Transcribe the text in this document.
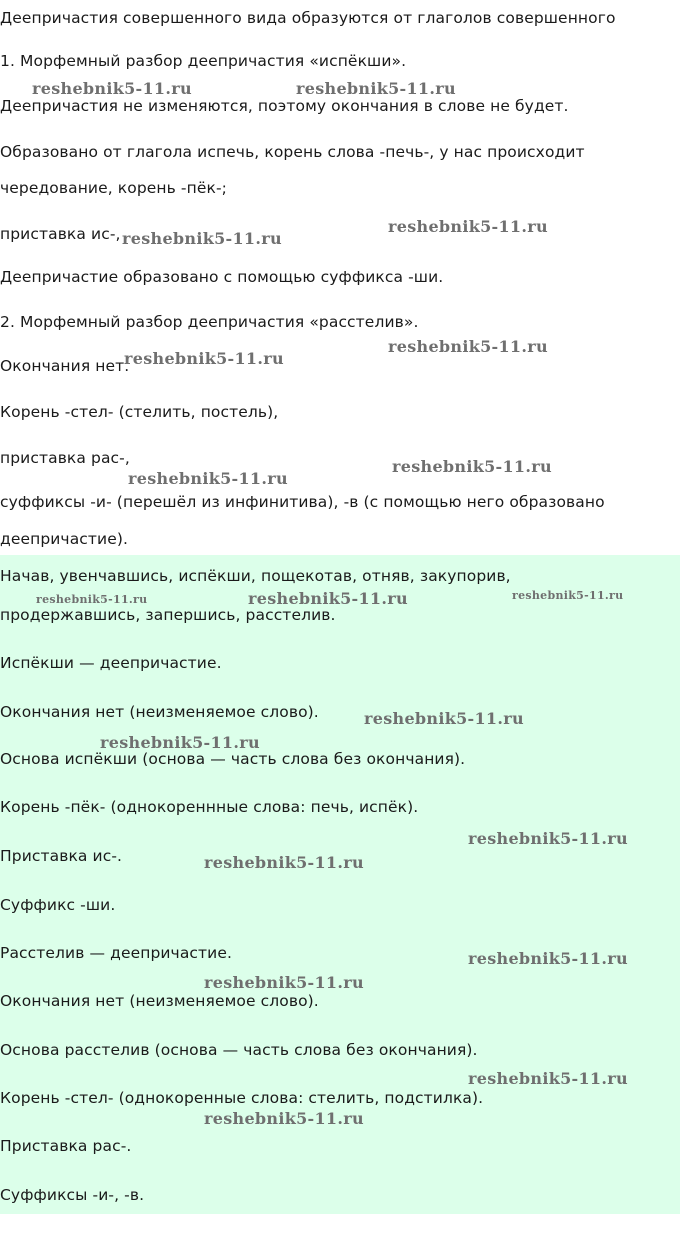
Деепричастия совершенного вида образуются от глаголов совершенного

1. Морфемный разбор деепричастия «испёкши».

Деепричастия не изменяются, поэтому окончания в слове не будет.

Образовано от глагола испечь, корень слова -печь-, у нас происходит

чередование, корень -пёк-;

приставка ис-,

Деепричастие образовано с помощью суффикса -ши.

2. Морфемный разбор деепричастия «расстелив».

Окончания нет.

Корень -стел- (стелить, постель),

приставка рас-,

суффиксы -и- (перешёл из инфинитива), -в (с помощью него образовано

деепричастие).

Начав, увенчавшись, испёкши, пощекотав, отняв, закупорив,

продержавшись, запершись, расстелив.

Испёкши — деепричастие.

Окончания нет (неизменяемое слово).

Основа испёкши (основа — часть слова без окончания).

Корень -пёк- (однокореннные слова: печь, испёк).

Приставка ис-.

Суффикс -ши.

Расстелив — деепричастие.

Окончания нет (неизменяемое слово).

Основа расстелив (основа — часть слова без окончания).

Корень -стел- (однокоренные слова: стелить, подстилка).

Приставка рас-.

Суффиксы -и-, -в.

reshebnik5-11.ru	reshebnik5-11.ru
reshebnik5-11.ru
reshebnik5-11.ru
reshebnik5-11.ru
reshebnik5-11.ru
reshebnik5-11.ru
reshebnik5-11.ru
reshebnik5-11.ru	reshebnik5-11.ru	reshebnik5-11.ru
reshebnik5-11.ru
reshebnik5-11.ru
reshebnik5-11.ru
reshebnik5-11.ru
reshebnik5-11.ru
reshebnik5-11.ru
reshebnik5-11.ru
reshebnik5-11.ru
